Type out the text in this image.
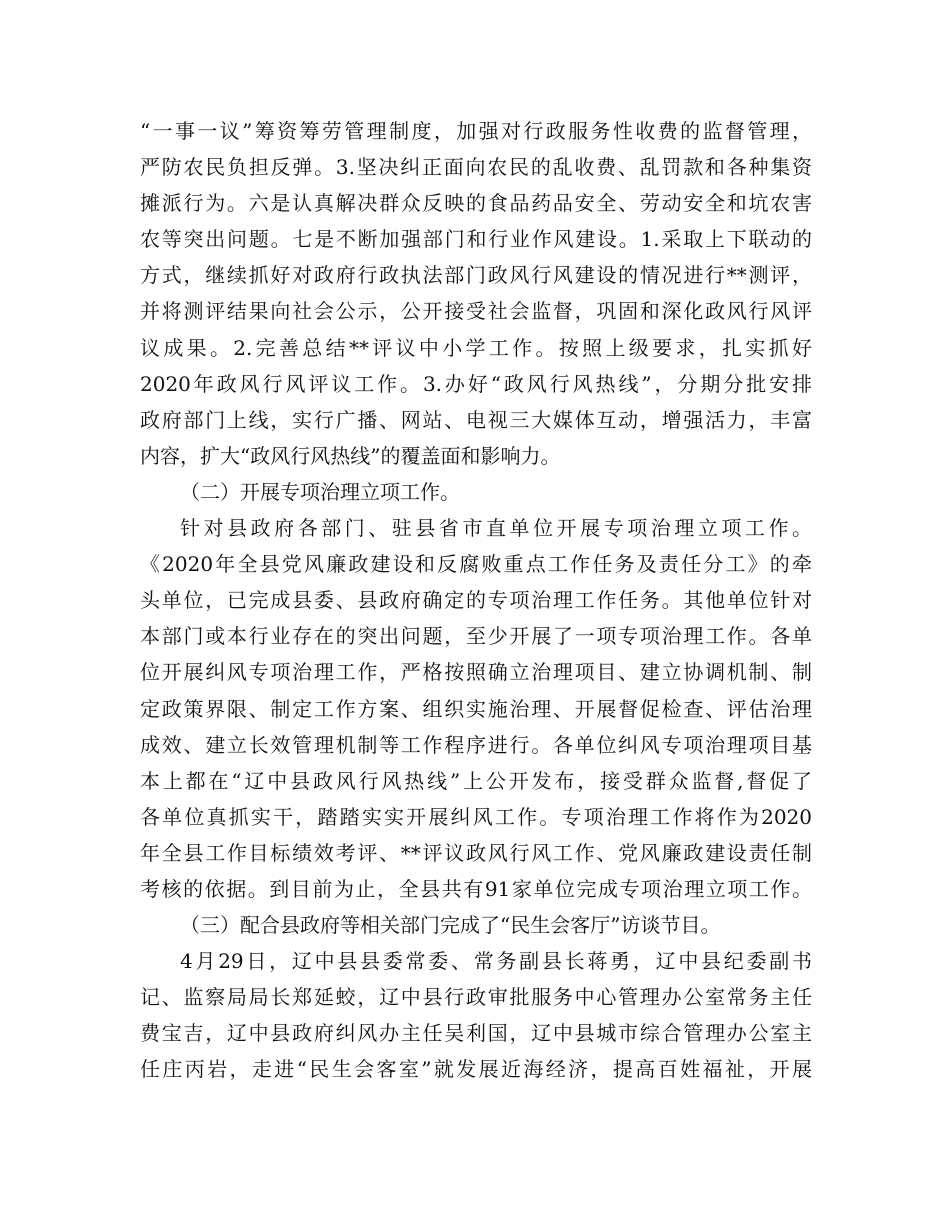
“一事一议”筹资筹劳管理制度，加强对行政服务性收费的监督管理，
严防农民负担反弹。3.坚决纠正面向农民的乱收费、乱罚款和各种集资
摊派行为。六是认真解决群众反映的食品药品安全、劳动安全和坑农害
农等突出问题。七是不断加强部门和行业作风建设。1.采取上下联动的
方式，继续抓好对政府行政执法部门政风行风建设的情况进行**测评，
并将测评结果向社会公示，公开接受社会监督，巩固和深化政风行风评
议成果。2.完善总结**评议中小学工作。按照上级要求，扎实抓好
2020年政风行风评议工作。3.办好“政风行风热线”，分期分批安排
政府部门上线，实行广播、网站、电视三大媒体互动，增强活力，丰富
内容，扩大“政风行风热线”的覆盖面和影响力。
（二）开展专项治理立项工作。
针对县政府各部门、驻县省市直单位开展专项治理立项工作。
《2020年全县党风廉政建设和反腐败重点工作任务及责任分工》的牵
头单位，已完成县委、县政府确定的专项治理工作任务。其他单位针对
本部门或本行业存在的突出问题，至少开展了一项专项治理工作。各单
位开展纠风专项治理工作，严格按照确立治理项目、建立协调机制、制
定政策界限、制定工作方案、组织实施治理、开展督促检查、评估治理
成效、建立长效管理机制等工作程序进行。各单位纠风专项治理项目基
本上都在“辽中县政风行风热线”上公开发布，接受群众监督,督促了
各单位真抓实干，踏踏实实开展纠风工作。专项治理工作将作为2020
年全县工作目标绩效考评、**评议政风行风工作、党风廉政建设责任制
考核的依据。到目前为止，全县共有91家单位完成专项治理立项工作。
（三）配合县政府等相关部门完成了“民生会客厅”访谈节目。
4月29日，辽中县县委常委、常务副县长蒋勇，辽中县纪委副书
记、监察局局长郑延蛟，辽中县行政审批服务中心管理办公室常务主任
费宝吉，辽中县政府纠风办主任吴利国，辽中县城市综合管理办公室主
任庄丙岩，走进“民生会客室”就发展近海经济，提高百姓福祉，开展
